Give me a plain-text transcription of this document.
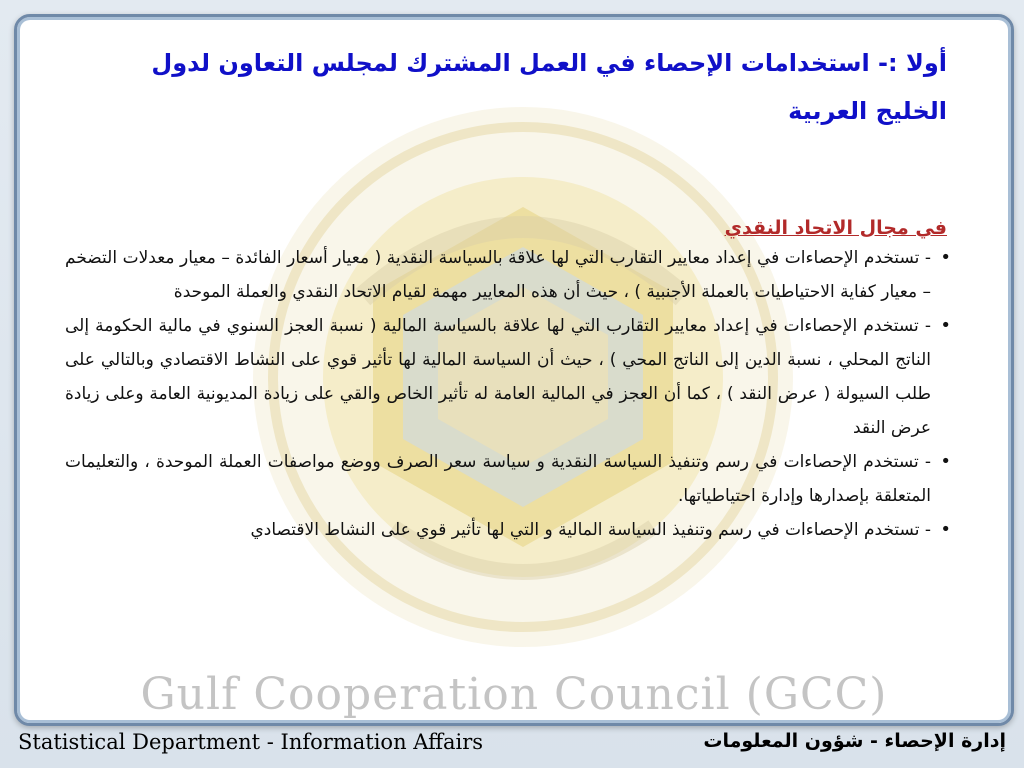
Gulf Cooperation Council (GCC)
أولا :- استخدامات الإحصاء في العمل المشترك لمجلس التعاون لدول الخليج العربية
في مجال الاتحاد النقدي
•
- تستخدم الإحصاءات في إعداد معايير التقارب التي لها علاقة بالسياسة النقدية ( معيار أسعار الفائدة – معيار معدلات التضخم – معيار كفاية الاحتياطيات بالعملة الأجنبية ) ، حيث أن هذه المعايير مهمة لقيام الاتحاد النقدي والعملة الموحدة
•
- تستخدم الإحصاءات في إعداد معايير التقارب التي لها علاقة بالسياسة المالية ( نسبة العجز السنوي في مالية الحكومة إلى الناتج المحلي ، نسبة الدين إلى الناتج المحي ) ، حيث أن السياسة المالية لها تأثير قوي على النشاط الاقتصادي وبالتالي على طلب السيولة ( عرض النقد ) ، كما أن العجز في المالية العامة له تأثير الخاص والقي على زيادة المديونية العامة وعلى زيادة عرض النقد
•
- تستخدم الإحصاءات في رسم وتنفيذ السياسة النقدية و سياسة سعر الصرف ووضع مواصفات العملة الموحدة ، والتعليمات المتعلقة بإصدارها وإدارة احتياطياتها.
•
- تستخدم الإحصاءات في رسم وتنفيذ السياسة المالية و التي لها تأثير قوي على النشاط الاقتصادي
Statistical Department - Information Affairs	إدارة الإحصاء - شؤون المعلومات
